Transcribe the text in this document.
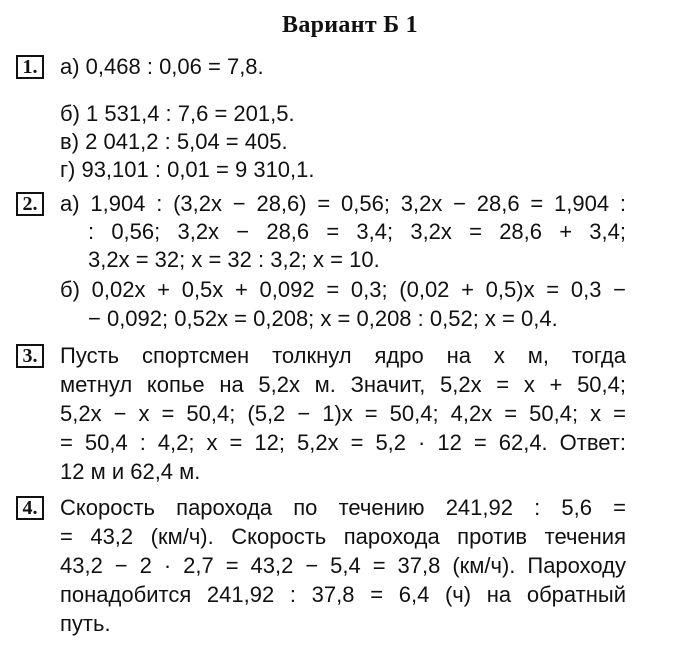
Вариант Б 1
1. а) 0,468 : 0,06 = 7,8.
б) 1 531,4 : 7,6 = 201,5.
в) 2 041,2 : 5,04 = 405.
г) 93,101 : 0,01 = 9 310,1.
2. а) 1,904 : (3,2x − 28,6) = 0,56; 3,2x − 28,6 = 1,904 :
: 0,56; 3,2x − 28,6 = 3,4; 3,2x = 28,6 + 3,4;
3,2x = 32; x = 32 : 3,2; x = 10.
б) 0,02x + 0,5x + 0,092 = 0,3; (0,02 + 0,5)x = 0,3 −
− 0,092; 0,52x = 0,208; x = 0,208 : 0,52; x = 0,4.
3. Пусть спортсмен толкнул ядро на x м, тогда
метнул копье на 5,2x м. Значит, 5,2x = x + 50,4;
5,2x − x = 50,4; (5,2 − 1)x = 50,4; 4,2x = 50,4; x =
= 50,4 : 4,2; x = 12; 5,2x = 5,2 · 12 = 62,4. Ответ:
12 м и 62,4 м.
4. Скорость парохода по течению 241,92 : 5,6 =
= 43,2 (км/ч). Скорость парохода против течения
43,2 − 2 · 2,7 = 43,2 − 5,4 = 37,8 (км/ч). Пароходу
понадобится 241,92 : 37,8 = 6,4 (ч) на обратный
путь.
